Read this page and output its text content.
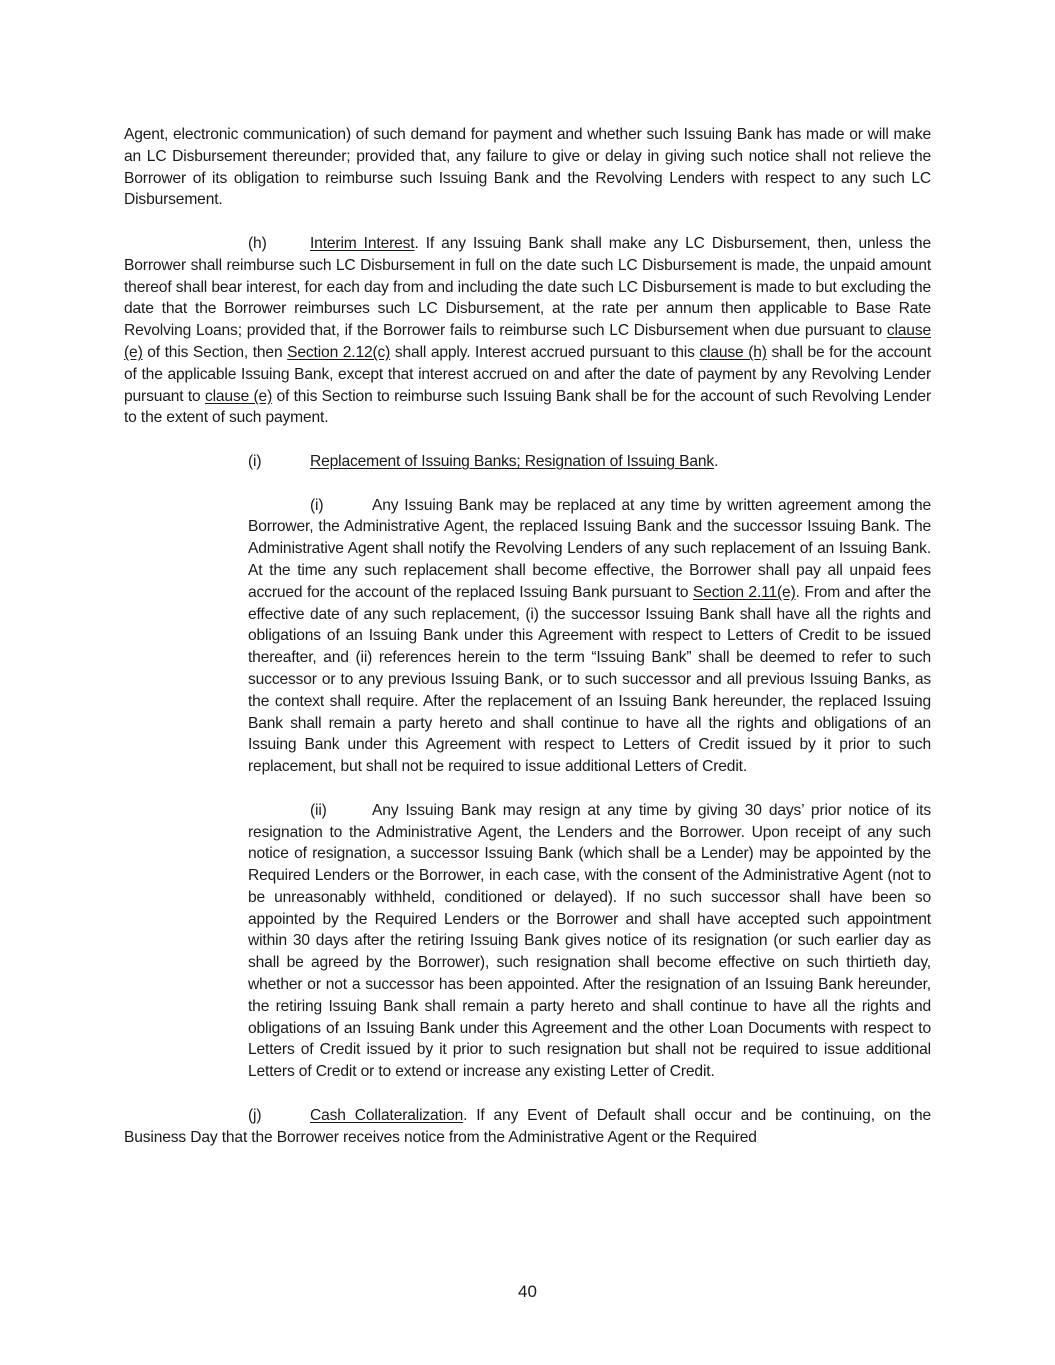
Agent, electronic communication) of such demand for payment and whether such Issuing Bank has made or will make an LC Disbursement thereunder; provided that, any failure to give or delay in giving such notice shall not relieve the Borrower of its obligation to reimburse such Issuing Bank and the Revolving Lenders with respect to any such LC Disbursement.

(h)	Interim Interest. If any Issuing Bank shall make any LC Disbursement, then, unless the Borrower shall reimburse such LC Disbursement in full on the date such LC Disbursement is made, the unpaid amount thereof shall bear interest, for each day from and including the date such LC Disbursement is made to but excluding the date that the Borrower reimburses such LC Disbursement, at the rate per annum then applicable to Base Rate Revolving Loans; provided that, if the Borrower fails to reimburse such LC Disbursement when due pursuant to clause (e) of this Section, then Section 2.12(c) shall apply. Interest accrued pursuant to this clause (h) shall be for the account of the applicable Issuing Bank, except that interest accrued on and after the date of payment by any Revolving Lender pursuant to clause (e) of this Section to reimburse such Issuing Bank shall be for the account of such Revolving Lender to the extent of such payment.

(i)	Replacement of Issuing Banks; Resignation of Issuing Bank.

(i)	Any Issuing Bank may be replaced at any time by written agreement among the Borrower, the Administrative Agent, the replaced Issuing Bank and the successor Issuing Bank. The Administrative Agent shall notify the Revolving Lenders of any such replacement of an Issuing Bank. At the time any such replacement shall become effective, the Borrower shall pay all unpaid fees accrued for the account of the replaced Issuing Bank pursuant to Section 2.11(e). From and after the effective date of any such replacement, (i) the successor Issuing Bank shall have all the rights and obligations of an Issuing Bank under this Agreement with respect to Letters of Credit to be issued thereafter, and (ii) references herein to the term “Issuing Bank” shall be deemed to refer to such successor or to any previous Issuing Bank, or to such successor and all previous Issuing Banks, as the context shall require. After the replacement of an Issuing Bank hereunder, the replaced Issuing Bank shall remain a party hereto and shall continue to have all the rights and obligations of an Issuing Bank under this Agreement with respect to Letters of Credit issued by it prior to such replacement, but shall not be required to issue additional Letters of Credit.

(ii)	Any Issuing Bank may resign at any time by giving 30 days’ prior notice of its resignation to the Administrative Agent, the Lenders and the Borrower. Upon receipt of any such notice of resignation, a successor Issuing Bank (which shall be a Lender) may be appointed by the Required Lenders or the Borrower, in each case, with the consent of the Administrative Agent (not to be unreasonably withheld, conditioned or delayed). If no such successor shall have been so appointed by the Required Lenders or the Borrower and shall have accepted such appointment within 30 days after the retiring Issuing Bank gives notice of its resignation (or such earlier day as shall be agreed by the Borrower), such resignation shall become effective on such thirtieth day, whether or not a successor has been appointed. After the resignation of an Issuing Bank hereunder, the retiring Issuing Bank shall remain a party hereto and shall continue to have all the rights and obligations of an Issuing Bank under this Agreement and the other Loan Documents with respect to Letters of Credit issued by it prior to such resignation but shall not be required to issue additional Letters of Credit or to extend or increase any existing Letter of Credit.

(j)	Cash Collateralization. If any Event of Default shall occur and be continuing, on the Business Day that the Borrower receives notice from the Administrative Agent or the Required

40
